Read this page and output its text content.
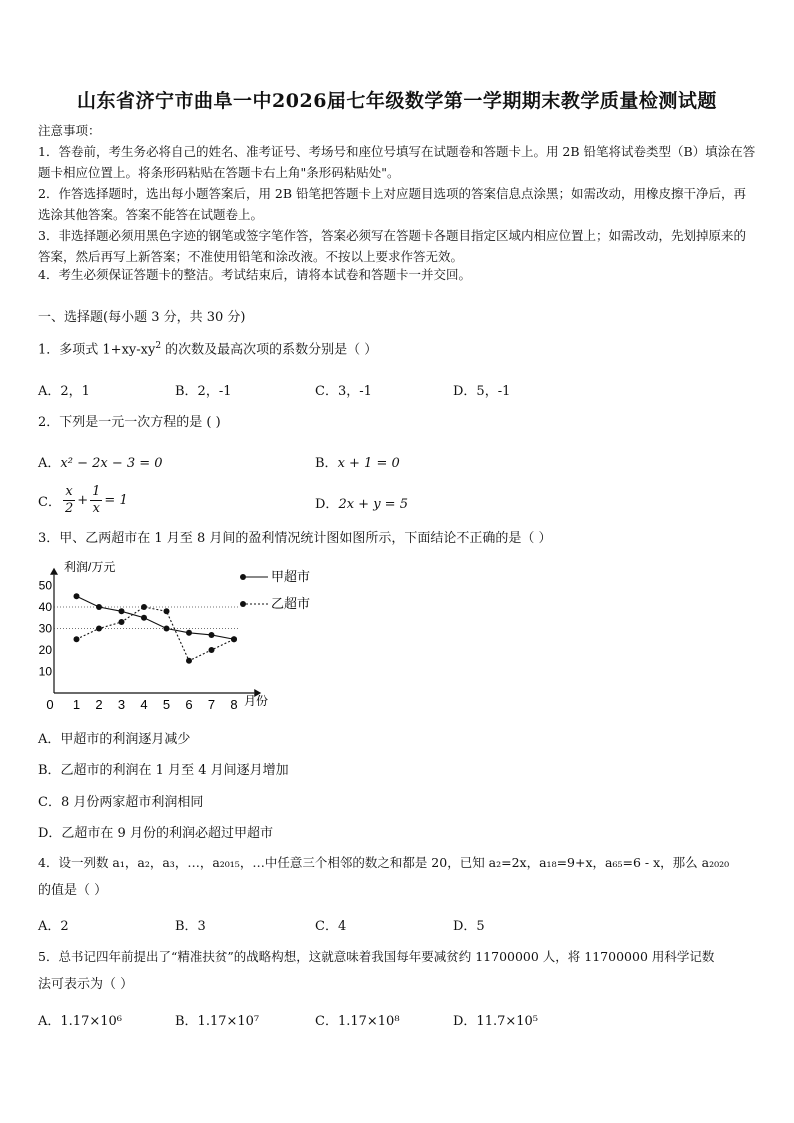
山东省济宁市曲阜一中2026届七年级数学第一学期期末教学质量检测试题
注意事项：
1．答卷前，考生务必将自己的姓名、准考证号、考场号和座位号填写在试题卷和答题卡上。用 2B 铅笔将试卷类型（B）填涂在答题卡相应位置上。将条形码粘贴在答题卡右上角"条形码粘贴处"。
2．作答选择题时，选出每小题答案后，用 2B 铅笔把答题卡上对应题目选项的答案信息点涂黑；如需改动，用橡皮擦干净后，再选涂其他答案。答案不能答在试题卷上。
3．非选择题必须用黑色字迹的钢笔或签字笔作答，答案必须写在答题卡各题目指定区域内相应位置上；如需改动，先划掉原来的答案，然后再写上新答案；不准使用铅笔和涂改液。不按以上要求作答无效。
4．考生必须保证答题卡的整洁。考试结束后，请将本试卷和答题卡一并交回。
一、选择题(每小题 3 分，共 30 分)
1．多项式 $1+xy-xy^2$ 的次数及最高次项的系数分别是（ ）
A．2，1	B．2，-1	C．3，-1	D．5，-1
2．下列是一元一次方程的是 ( )
A．x² − 2x − 3 = 0	B．x + 1 = 0
C． $\frac{x}{2} + \frac{1}{x} = 1$	D．2x + y = 5
3．甲、乙两超市在 1 月至 8 月间的盈利情况统计图如图所示，下面结论不正确的是（ ）
利润/万元
月份
0 1 2 3 4 5 6 7 8
10
20
30
40
50
甲超市
乙超市
A．甲超市的利润逐月减少
B．乙超市的利润在 1 月至 4 月间逐月增加
C．8 月份两家超市利润相同
D．乙超市在 9 月份的利润必超过甲超市
4．设一列数 a₁，a₂，a₃，…，a₂₀₁₅，…中任意三个相邻的数之和都是 20，已知 a₂=2x，a₁₈=9+x，a₆₅=6 - x，那么 a₂₀₂₀
的值是（ ）
A．2	B．3	C．4	D．5
5．总书记四年前提出了“精准扶贫”的战略构想，这就意味着我国每年要减贫约 11700000 人，将 11700000 用科学记数
法可表示为（ ）
A．1.17×10⁶	B．1.17×10⁷	C．1.17×10⁸	D．11.7×10⁵
